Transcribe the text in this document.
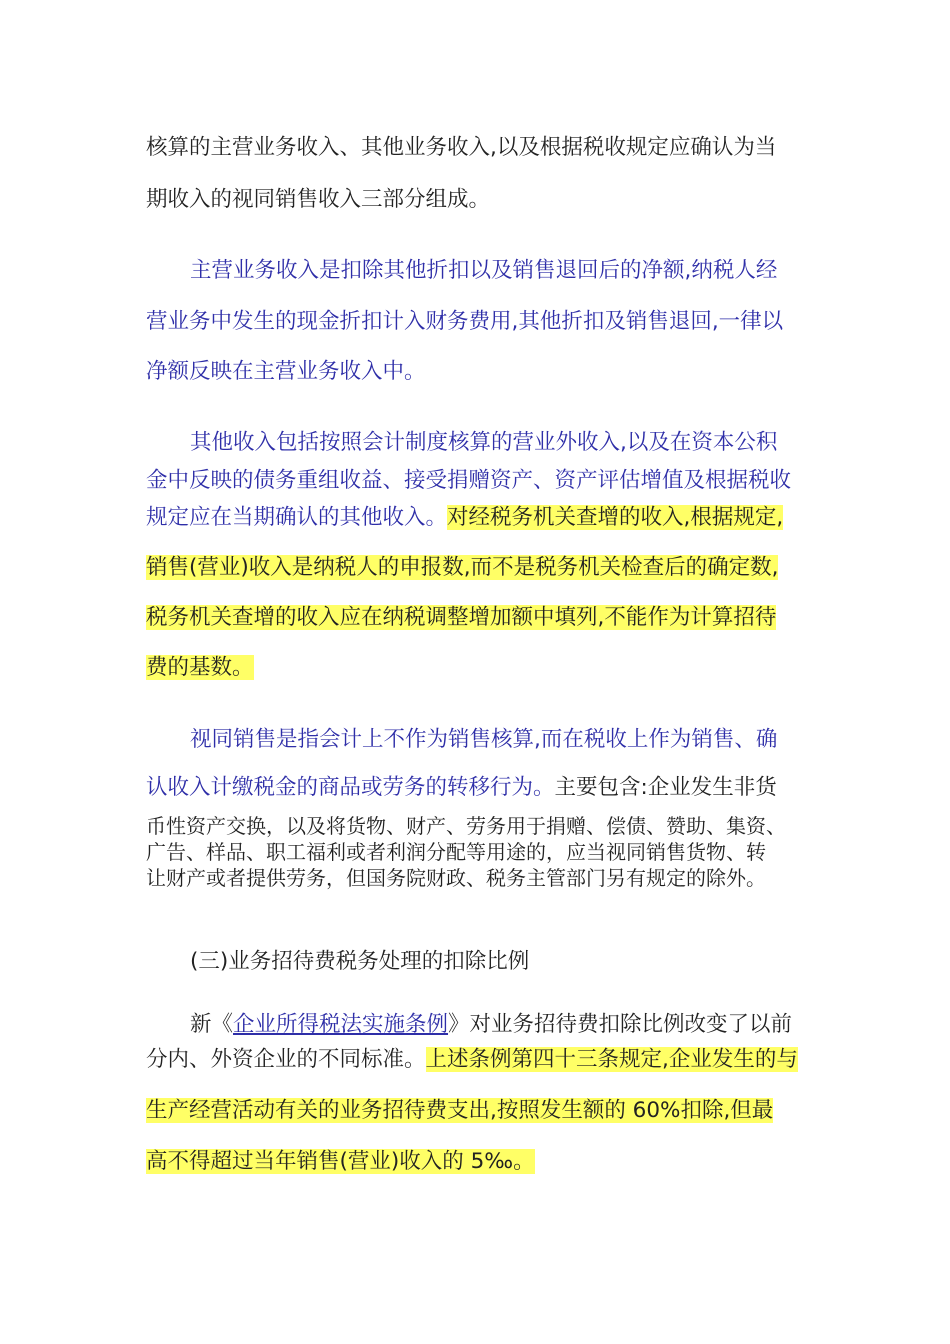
核算的主营业务收入、其他业务收入,以及根据税收规定应确认为当
期收入的视同销售收入三部分组成。
主营业务收入是扣除其他折扣以及销售退回后的净额,纳税人经
营业务中发生的现金折扣计入财务费用,其他折扣及销售退回,一律以
净额反映在主营业务收入中。
其他收入包括按照会计制度核算的营业外收入,以及在资本公积
金中反映的债务重组收益、接受捐赠资产、资产评估增值及根据税收
规定应在当期确认的其他收入。对经税务机关查增的收入,根据规定,
销售(营业)收入是纳税人的申报数,而不是税务机关检查后的确定数,
税务机关查增的收入应在纳税调整增加额中填列,不能作为计算招待
费的基数。
视同销售是指会计上不作为销售核算,而在税收上作为销售、确
认收入计缴税金的商品或劳务的转移行为。主要包含:企业发生非货
币性资产交换，以及将货物、财产、劳务用于捐赠、偿债、赞助、集资、
广告、样品、职工福利或者利润分配等用途的，应当视同销售货物、转
让财产或者提供劳务，但国务院财政、税务主管部门另有规定的除外。
(三)业务招待费税务处理的扣除比例
新《企业所得税法实施条例》对业务招待费扣除比例改变了以前
分内、外资企业的不同标准。上述条例第四十三条规定,企业发生的与
生产经营活动有关的业务招待费支出,按照发生额的 60%扣除,但最
高不得超过当年销售(营业)收入的 5‰。
